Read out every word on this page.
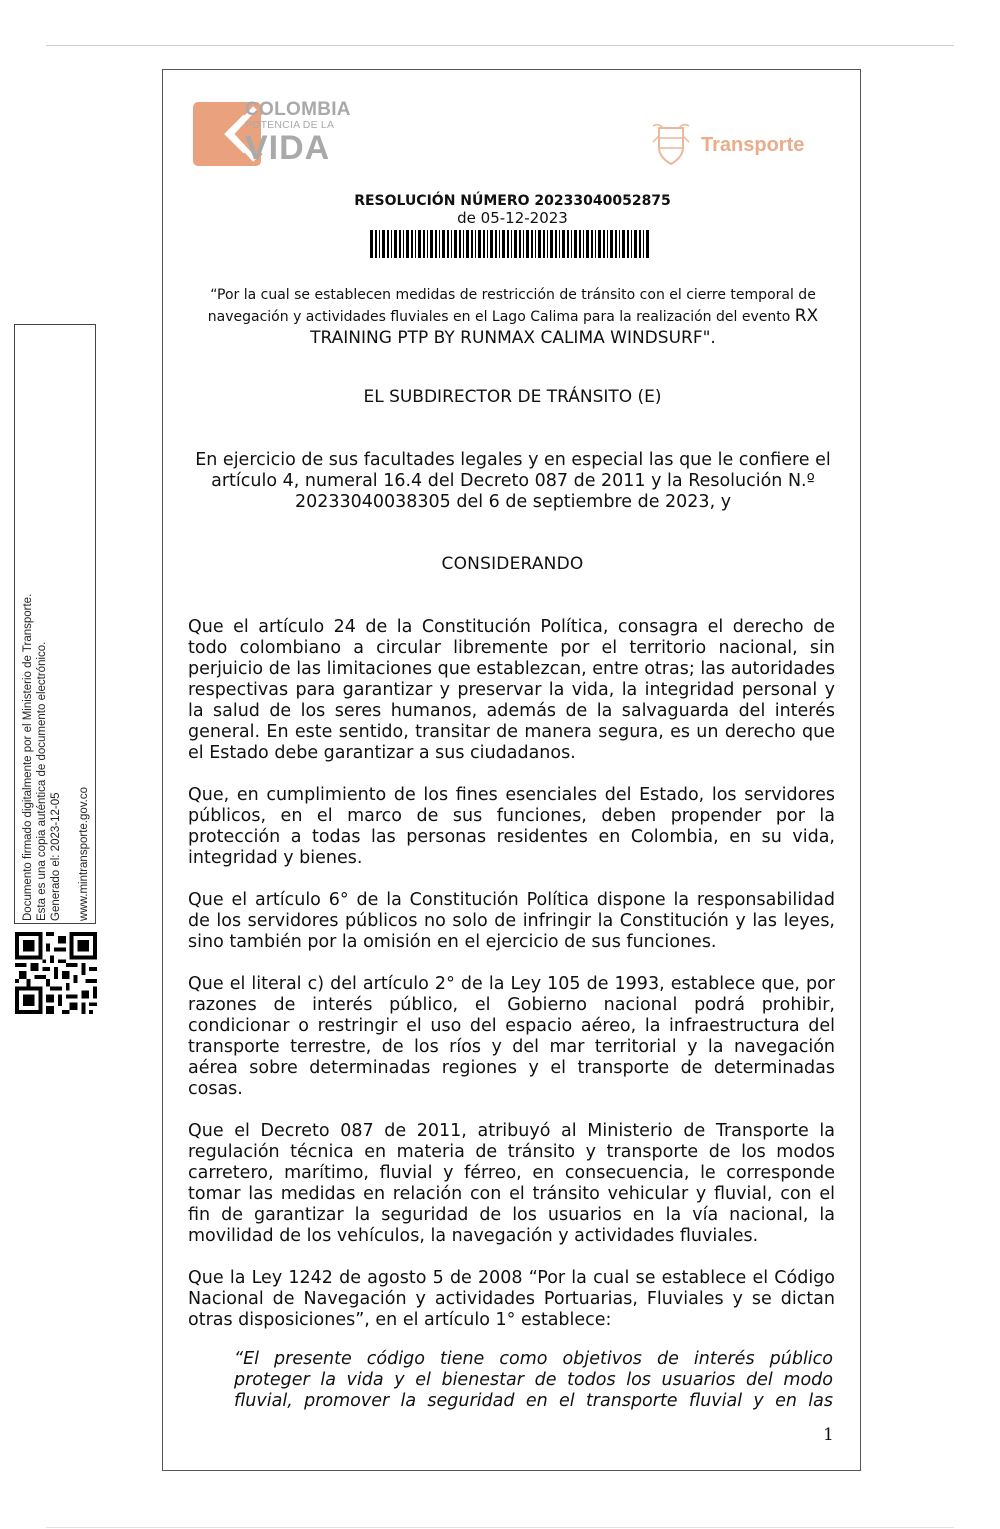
Documento firmado digitalmente por el Ministerio de Transporte. Esta es una copia auténtica de documento electrónico. Generado el: 2023-12-05 www.mintransporte.gov.co
COLOMBIA
POTENCIA DE LA
VIDA	Transporte
RESOLUCIÓN NÚMERO 20233040052875
de 05-12-2023
“Por la cual se establecen medidas de restricción de tránsito con el cierre temporal de navegación y actividades fluviales en el Lago Calima para la realización del evento RX TRAINING PTP BY RUNMAX CALIMA WINDSURF".
EL SUBDIRECTOR DE TRÁNSITO (E)
En ejercicio de sus facultades legales y en especial las que le confiere el artículo 4, numeral 16.4 del Decreto 087 de 2011 y la Resolución N.º 20233040038305 del 6 de septiembre de 2023, y
CONSIDERANDO

Que el artículo 24 de la Constitución Política, consagra el derecho de todo colombiano a circular libremente por el territorio nacional, sin perjuicio de las limitaciones que establezcan, entre otras; las autoridades respectivas para garantizar y preservar la vida, la integridad personal y la salud de los seres humanos, además de la salvaguarda del interés general. En este sentido, transitar de manera segura, es un derecho que el Estado debe garantizar a sus ciudadanos.

Que, en cumplimiento de los fines esenciales del Estado, los servidores públicos, en el marco de sus funciones, deben propender por la protección a todas las personas residentes en Colombia, en su vida, integridad y bienes.

Que el artículo 6° de la Constitución Política dispone la responsabilidad de los servidores públicos no solo de infringir la Constitución y las leyes, sino también por la omisión en el ejercicio de sus funciones.

Que el literal c) del artículo 2° de la Ley 105 de 1993, establece que, por razones de interés público, el Gobierno nacional podrá prohibir, condicionar o restringir el uso del espacio aéreo, la infraestructura del transporte terrestre, de los ríos y del mar territorial y la navegación aérea sobre determinadas regiones y el transporte de determinadas cosas.

Que el Decreto 087 de 2011, atribuyó al Ministerio de Transporte la regulación técnica en materia de tránsito y transporte de los modos carretero, marítimo, fluvial y férreo, en consecuencia, le corresponde tomar las medidas en relación con el tránsito vehicular y fluvial, con el fin de garantizar la seguridad de los usuarios en la vía nacional, la movilidad de los vehículos, la navegación y actividades fluviales.

Que la Ley 1242 de agosto 5 de 2008 “Por la cual se establece el Código Nacional de Navegación y actividades Portuarias, Fluviales y se dictan otras disposiciones”, en el artículo 1° establece:

“El presente código tiene como objetivos de interés público proteger la vida y el bienestar de todos los usuarios del modo fluvial, promover la seguridad en el transporte fluvial y en las

1
